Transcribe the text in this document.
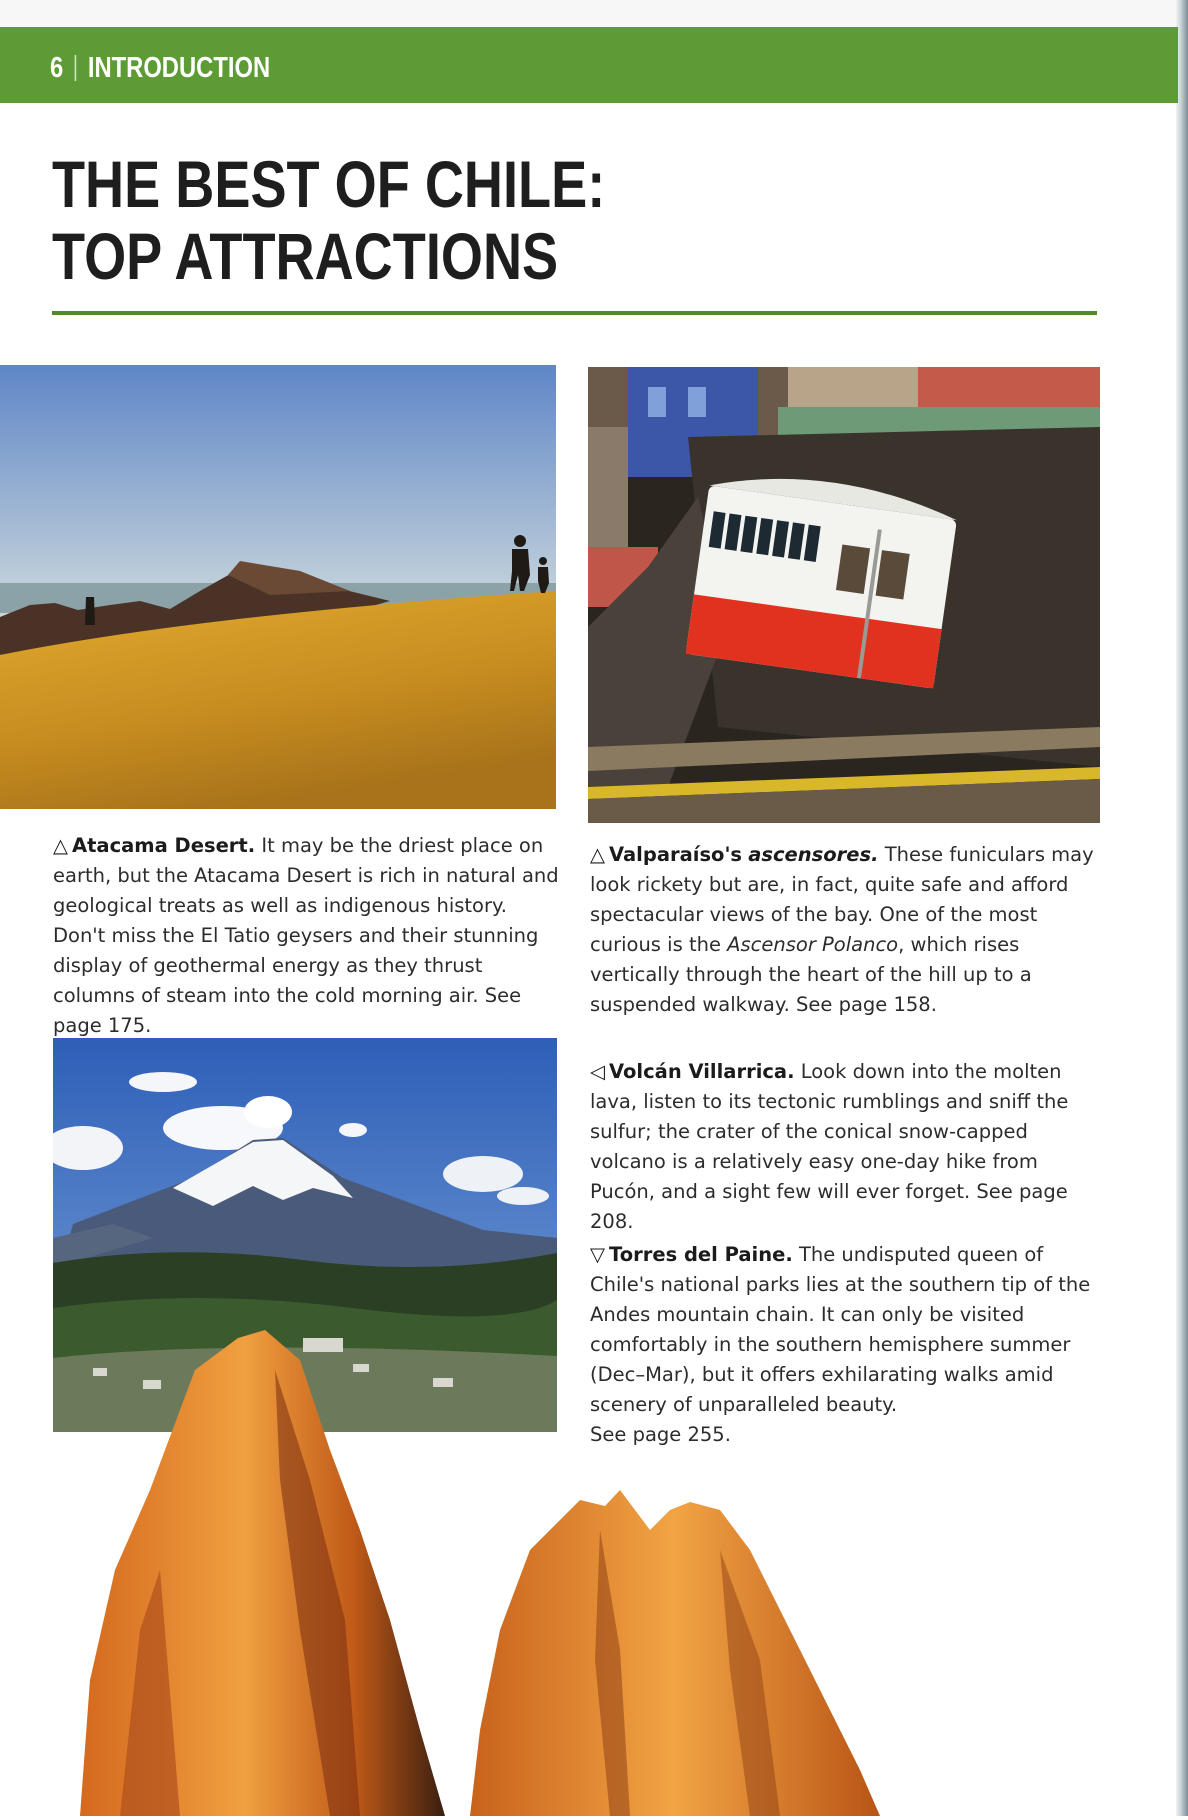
6 INTRODUCTION
THE BEST OF CHILE:
TOP ATTRACTIONS
△ Atacama Desert. It may be the driest place on earth, but the Atacama Desert is rich in natural and geological treats as well as indigenous history. Don't miss the El Tatio geysers and their stunning display of geothermal energy as they thrust columns of steam into the cold morning air. See page 175.
△ Valparaíso's ascensores. These funiculars may look rickety but are, in fact, quite safe and afford spectacular views of the bay. One of the most curious is the Ascensor Polanco, which rises vertically through the heart of the hill up to a suspended walkway. See page 158.
◁ Volcán Villarrica. Look down into the molten lava, listen to its tectonic rumblings and sniff the sulfur; the crater of the conical snow-capped volcano is a relatively easy one-day hike from Pucón, and a sight few will ever forget. See page 208.
▽ Torres del Paine. The undisputed queen of Chile's national parks lies at the southern tip of the Andes mountain chain. It can only be visited comfortably in the southern hemisphere summer (Dec–Mar), but it offers exhilarating walks amid scenery of unparalleled beauty.
See page 255.
